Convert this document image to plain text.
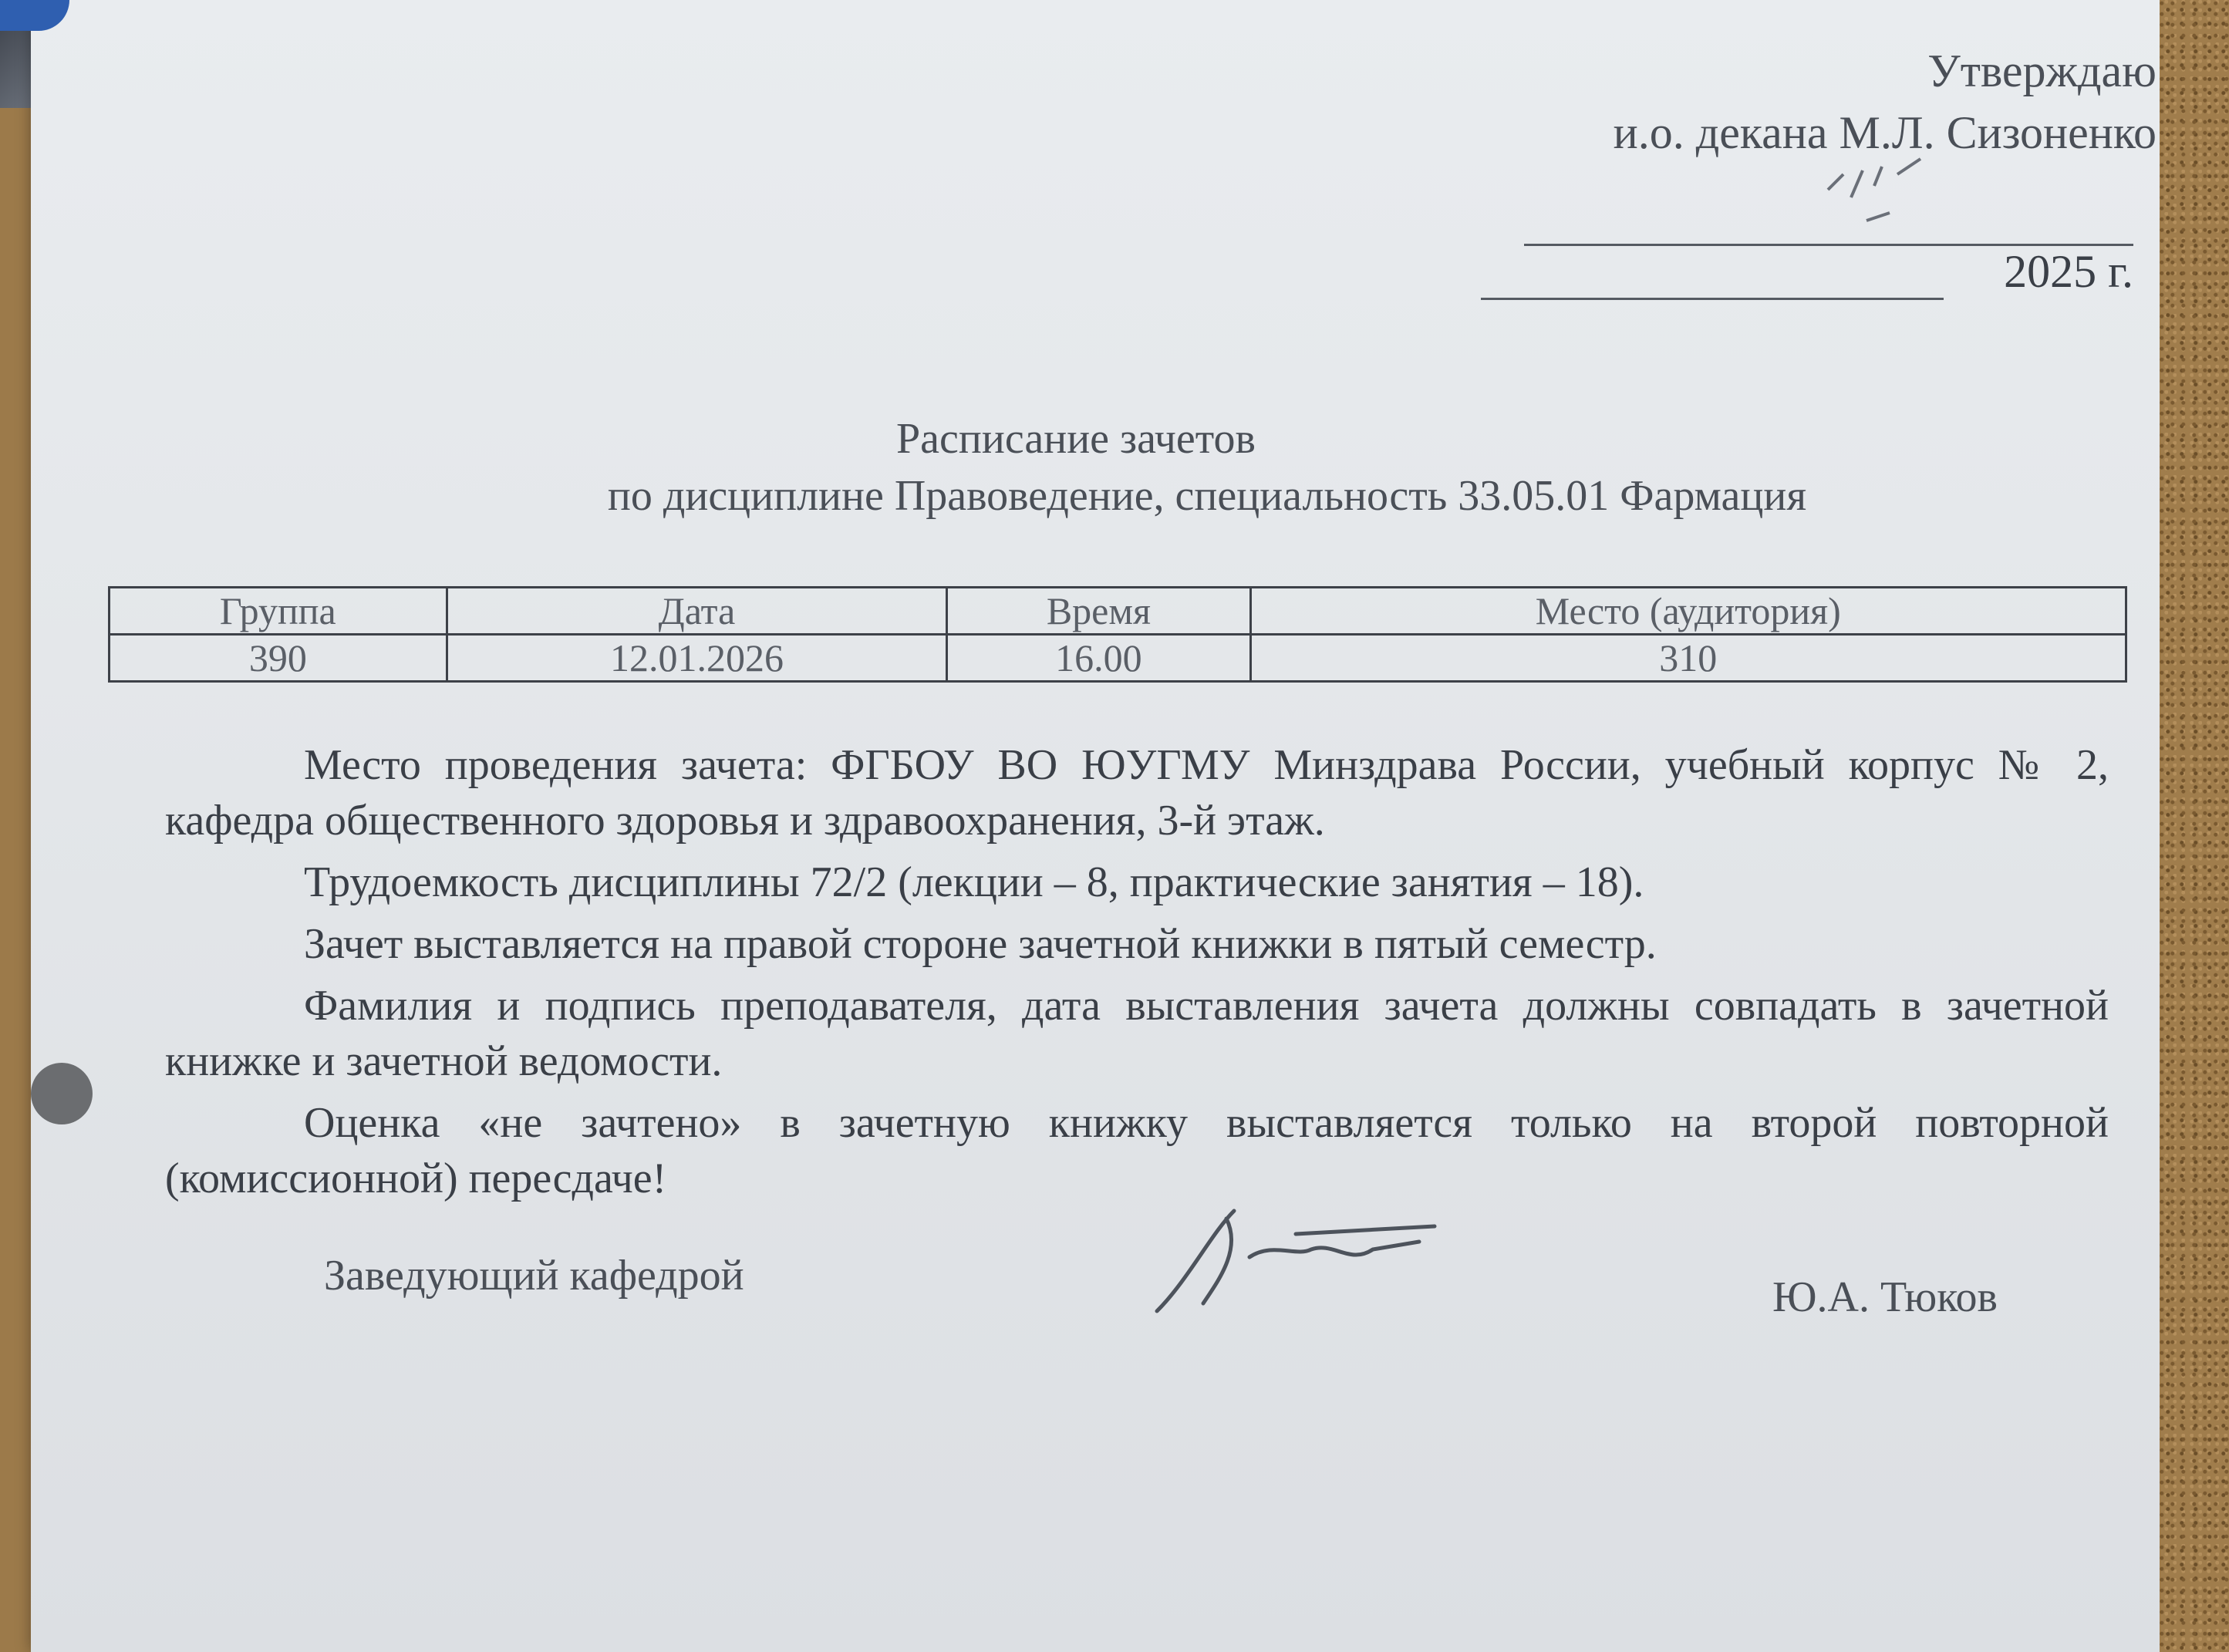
Утверждаю
и.о. декана М.Л. Сизоненко
2025 г.
Расписание зачетов
по дисциплине Правоведение, специальность 33.05.01 Фармация
Группа	Дата	Время	Место (аудитория)
390	12.01.2026	16.00	310

Место проведения зачета: ФГБОУ ВО ЮУГМУ Минздрава России, учебный корпус № 2, кафедра общественного здоровья и здравоохранения, 3-й этаж.

Трудоемкость дисциплины 72/2 (лекции – 8, практические занятия – 18).

Зачет выставляется на правой стороне зачетной книжки в пятый семестр.

Фамилия и подпись преподавателя, дата выставления зачета должны совпадать в зачетной книжке и зачетной ведомости.

Оценка «не зачтено» в зачетную книжку выставляется только на второй повторной (комиссионной) пересдаче!

Заведующий кафедрой	Ю.А. Тюков
